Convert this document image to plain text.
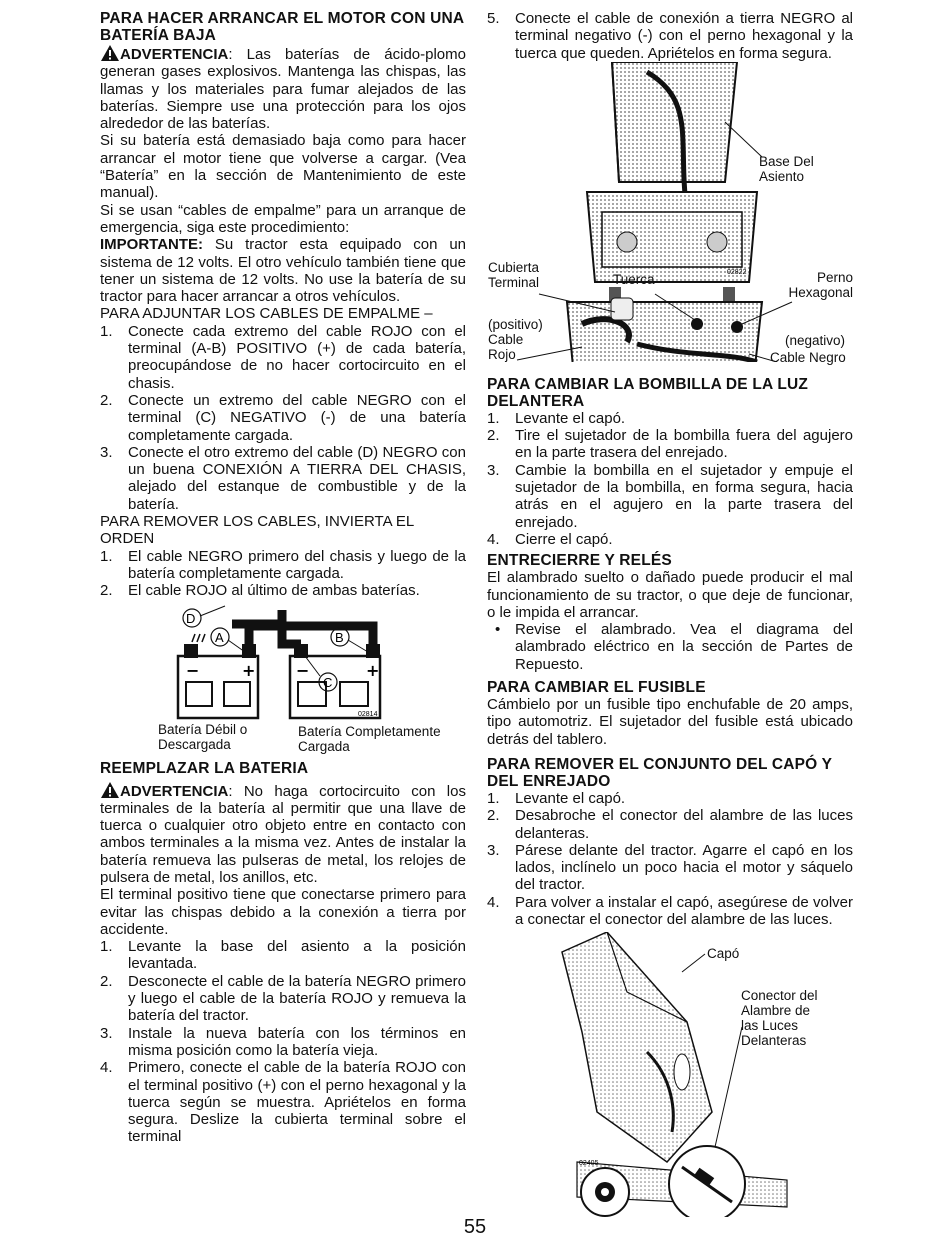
PARA HACER ARRANCAR EL MOTOR CON UNA BATERÍA BAJA

ADVERTENCIA: Las baterías de ácido-plomo generan gases explosivos. Mantenga las chispas, las llamas y los materiales para fumar alejados de las baterías. Siempre use una protección para los ojos alrededor de las baterías.

Si su batería está demasiado baja como para hacer arrancar el motor tiene que volverse a cargar. (Vea “Batería” en la sección de Mantenimiento de este manual).

Si se usan “cables de empalme” para un arranque de emergencia, siga este procedimiento:

IMPORTANTE: Su tractor esta equipado con un sistema de 12 volts. El otro vehículo también tiene que tener un sistema de 12 volts. No use la batería de su tractor para hacer arrancar a otros vehículos.

PARA ADJUNTAR LOS CABLES DE EMPALME –

1. Conecte cada extremo del cable ROJO con el terminal (A-B) POSITIVO (+) de cada batería, preocupándose de no hacer cortocircuito en el chasis.
2. Conecte un extremo del cable NEGRO con el terminal (C) NEGATIVO (-) de una batería completamente cargada.
3. Conecte el otro extremo del cable (D) NEGRO con un buena CONEXIÓN A TIERRA DEL CHASIS, alejado del estanque de combustible y de la batería.

PARA REMOVER LOS CABLES, INVIERTA EL ORDEN

1. El cable NEGRO primero del chasis y luego de la batería completamente cargada.
2. El cable ROJO al último de ambas baterías.
−	+	−	+
D
A	B
C
02814
Batería Débil o
Descargada
Batería Completamente
Cargada
REEMPLAZAR LA BATERIA

ADVERTENCIA: No haga cortocircuito con los terminales de la batería al permitir que una llave de tuerca o cualquier otro objeto entre en contacto con ambos terminales a la misma vez. Antes de instalar la batería remueva las pulseras de metal, los relojes de pulsera de metal, los anillos, etc.

El terminal positivo tiene que conectarse primero para evitar las chispas debido a la conexión a tierra por accidente.

1. Levante la base del asiento a la posición levantada.
2. Desconecte el cable de la batería NEGRO primero y luego el cable de la batería ROJO y remueva la batería del tractor.
3. Instale la nueva batería con los términos en misma posición como la batería vieja.
4. Primero, conecte el cable de la batería ROJO con el terminal positivo (+) con el perno hexagonal y la tuerca según se muestra. Apriételos en forma segura. Deslize la cubierta terminal sobre el terminal
5. Conecte el cable de conexión a tierra NEGRO al terminal negativo (-) con el perno hexagonal y la tuerca que queden. Apriételos en forma segura.
02822
Base Del
Asiento
Cubierta
Terminal	Tuerca	Perno
Hexagonal
(positivo)
Cable
Rojo
(negativo)
Cable Negro
PARA CAMBIAR LA BOMBILLA DE LA LUZ DELANTERA
1. Levante el capó.
2. Tire el sujetador de la bombilla fuera del agujero en la parte trasera del enrejado.
3. Cambie la bombilla en el sujetador y empuje el sujetador de la bombilla, en forma segura, hacia atrás en el agujero en la parte trasera del enrejado.
4. Cierre el capó.
ENTRECIERRE Y RELÉS

El alambrado suelto o dañado puede producir el mal funcionamiento de su tractor, o que deje de funcionar, o le impida el arrancar.

• Revise el alambrado. Vea el diagrama del alambrado eléctrico en la sección de Partes de Repuesto.
PARA CAMBIAR EL FUSIBLE

Cámbielo por un fusible tipo enchufable de 20 amps, tipo automotriz. El sujetador del fusible está ubicado detrás del tablero.

PARA REMOVER EL CONJUNTO DEL CAPÓ Y DEL ENREJADO
1. Levante el capó.
2. Desabroche el conector del alambre de las luces delanteras.
3. Párese delante del tractor. Agarre el capó en los lados, inclínelo un poco hacia el motor y sáquelo del tractor.
4. Para volver a instalar el capó, asegúrese de volver a conectar el conector del alambre de las luces.
02405
Capó
Conector del
Alambre de
las Luces
Delanteras
55
